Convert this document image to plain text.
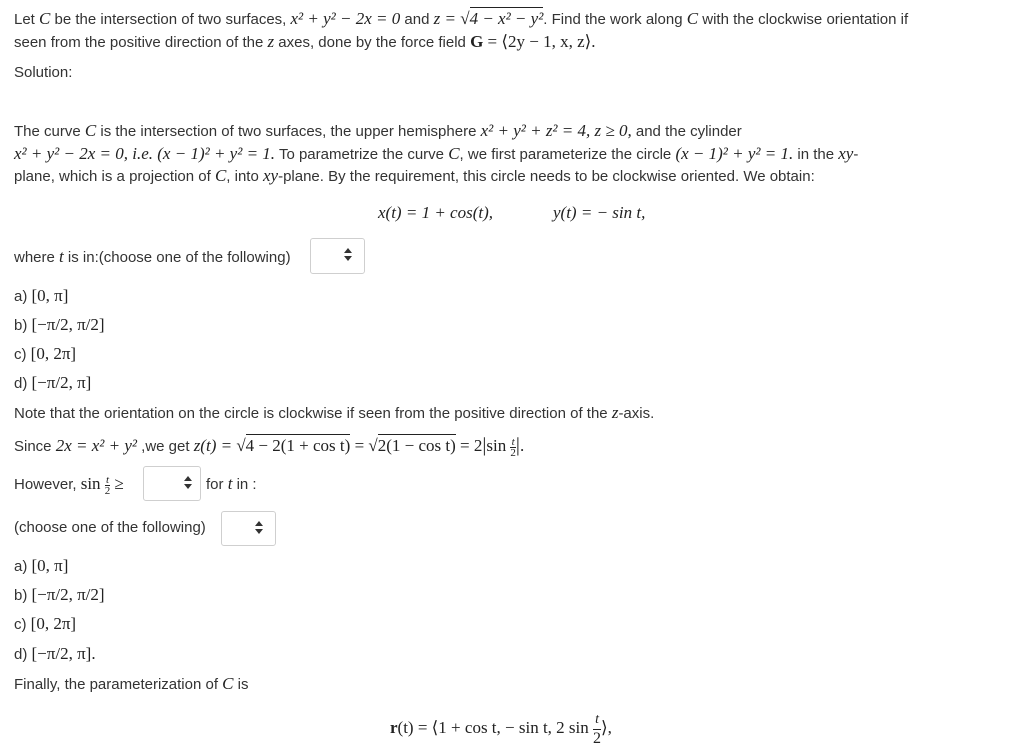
Let C be the intersection of two surfaces, x² + y² − 2x = 0 and z = √4 − x² − y². Find the work along C with the clockwise orientation if
seen from the positive direction of the z axes, done by the force field G = ⟨2y − 1, x, z⟩.
Solution:
The curve C is the intersection of two surfaces, the upper hemisphere x² + y² + z² = 4, z ≥ 0, and the cylinder
x² + y² − 2x = 0, i.e. (x − 1)² + y² = 1. To parametrize the curve C, we first parameterize the circle (x − 1)² + y² = 1. in the xy-
plane, which is a projection of C, into xy-plane. By the requirement, this circle needs to be clockwise oriented. We obtain:
x(t) = 1 + cos(t),	y(t) = − sin t,
where t is in:(choose one of the following)
a) [0, π]
b) [−π/2, π/2]
c) [0, 2π]
d) [−π/2, π]
Note that the orientation on the circle is clockwise if seen from the positive direction of the z-axis.
Since 2x = x² + y² ,we get $z(t) = √4 - 2(1 + \cos t) = √2(1 - \cos t) = 2|\sin \frac{t}{2}$ |.
However, $\sin \frac{t}{2}$ ≥	for t in :
(choose one of the following)
a) [0, π]
b) [−π/2, π/2]
c) [0, 2π]
d) [−π/2, π].
Finally, the parameterization of C is
r(t) = ⟨1 + cos t, − sin t, 2 $\sin \frac{t}{2}$ ⟩,
